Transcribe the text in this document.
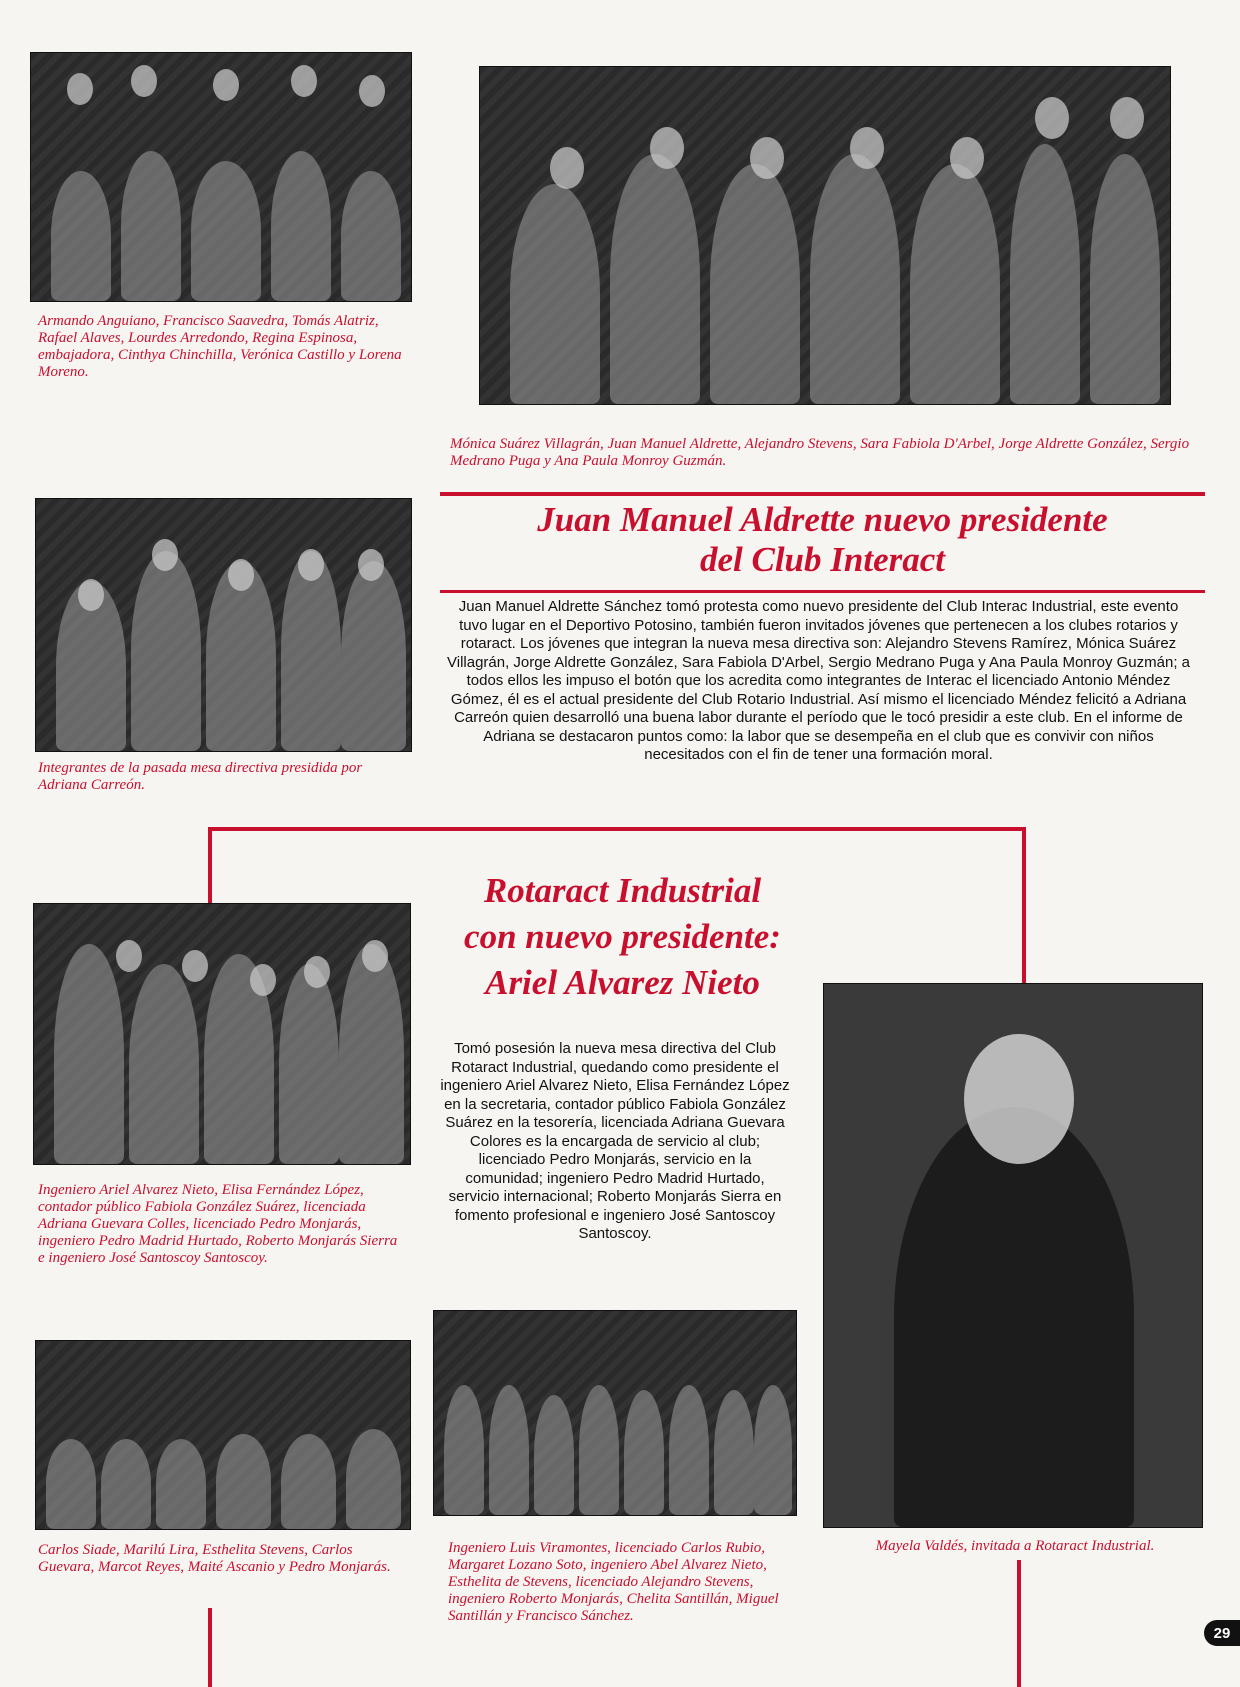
Armando Anguiano, Francisco Saavedra, Tomás Alatriz, Rafael Alaves, Lourdes Arredondo, Regina Espinosa, embajadora, Cinthya Chinchilla, Verónica Castillo y Lorena Moreno.

Mónica Suárez Villagrán, Juan Manuel Aldrette, Alejandro Stevens, Sara Fabiola D'Arbel, Jorge Aldrette González, Sergio Medrano Puga y Ana Paula Monroy Guzmán.

Integrantes de la pasada mesa directiva presidida por Adriana Carreón.

Juan Manuel Aldrette nuevo presidente
del Club Interact

Juan Manuel Aldrette Sánchez tomó protesta como nuevo presidente del Club Interac Industrial, este evento tuvo lugar en el Deportivo Potosino, también fueron invitados jóvenes que pertenecen a los clubes rotarios y rotaract. Los jóvenes que integran la nueva mesa directiva son: Alejandro Stevens Ramírez, Mónica Suárez Villagrán, Jorge Aldrette González, Sara Fabiola D'Arbel, Sergio Medrano Puga y Ana Paula Monroy Guzmán; a todos ellos les impuso el botón que los acredita como integrantes de Interac el licenciado Antonio Méndez Gómez, él es el actual presidente del Club Rotario Industrial. Así mismo el licenciado Méndez felicitó a Adriana Carreón quien desarrolló una buena labor durante el período que le tocó presidir a este club. En el informe de Adriana se destacaron puntos como: la labor que se desempeña en el club que es convivir con niños necesitados con el fin de tener una formación moral.

Rotaract Industrial
con nuevo presidente:
Ariel Alvarez Nieto

Ingeniero Ariel Alvarez Nieto, Elisa Fernández López, contador público Fabiola González Suárez, licenciada Adriana Guevara Colles, licenciado Pedro Monjarás, ingeniero Pedro Madrid Hurtado, Roberto Monjarás Sierra e ingeniero José Santoscoy Santoscoy.

Tomó posesión la nueva mesa directiva del Club Rotaract Industrial, quedando como presidente el ingeniero Ariel Alvarez Nieto, Elisa Fernández López en la secretaria, contador público Fabiola González Suárez en la tesorería, licenciada Adriana Guevara Colores es la encargada de servicio al club; licenciado Pedro Monjarás, servicio en la comunidad; ingeniero Pedro Madrid Hurtado, servicio internacional; Roberto Monjarás Sierra en fomento profesional e ingeniero José Santoscoy Santoscoy.

Mayela Valdés, invitada a Rotaract Industrial.

Carlos Siade, Marilú Lira, Esthelita Stevens, Carlos Guevara, Marcot Reyes, Maité Ascanio y Pedro Monjarás.

Ingeniero Luis Viramontes, licenciado Carlos Rubio, Margaret Lozano Soto, ingeniero Abel Alvarez Nieto, Esthelita de Stevens, licenciado Alejandro Stevens, ingeniero Roberto Monjarás, Chelita Santillán, Miguel Santillán y Francisco Sánchez.

29
